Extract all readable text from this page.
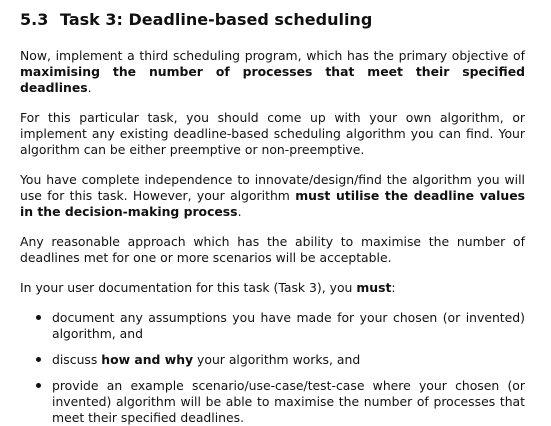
5.3 Task 3: Deadline-based scheduling

Now, implement a third scheduling program, which has the primary objective of maximising the number of processes that meet their specified deadlines.

For this particular task, you should come up with your own algorithm, or implement any existing deadline-based scheduling algorithm you can find. Your algorithm can be either preemptive or non-preemptive.

You have complete independence to innovate/design/find the algorithm you will use for this task. However, your algorithm must utilise the deadline values in the decision-making process.

Any reasonable approach which has the ability to maximise the number of deadlines met for one or more scenarios will be acceptable.

In your user documentation for this task (Task 3), you must:

document any assumptions you have made for your chosen (or invented) algorithm, and
discuss how and why your algorithm works, and
provide an example scenario/use-case/test-case where your chosen (or invented) algorithm will be able to maximise the number of processes that meet their specified deadlines.
